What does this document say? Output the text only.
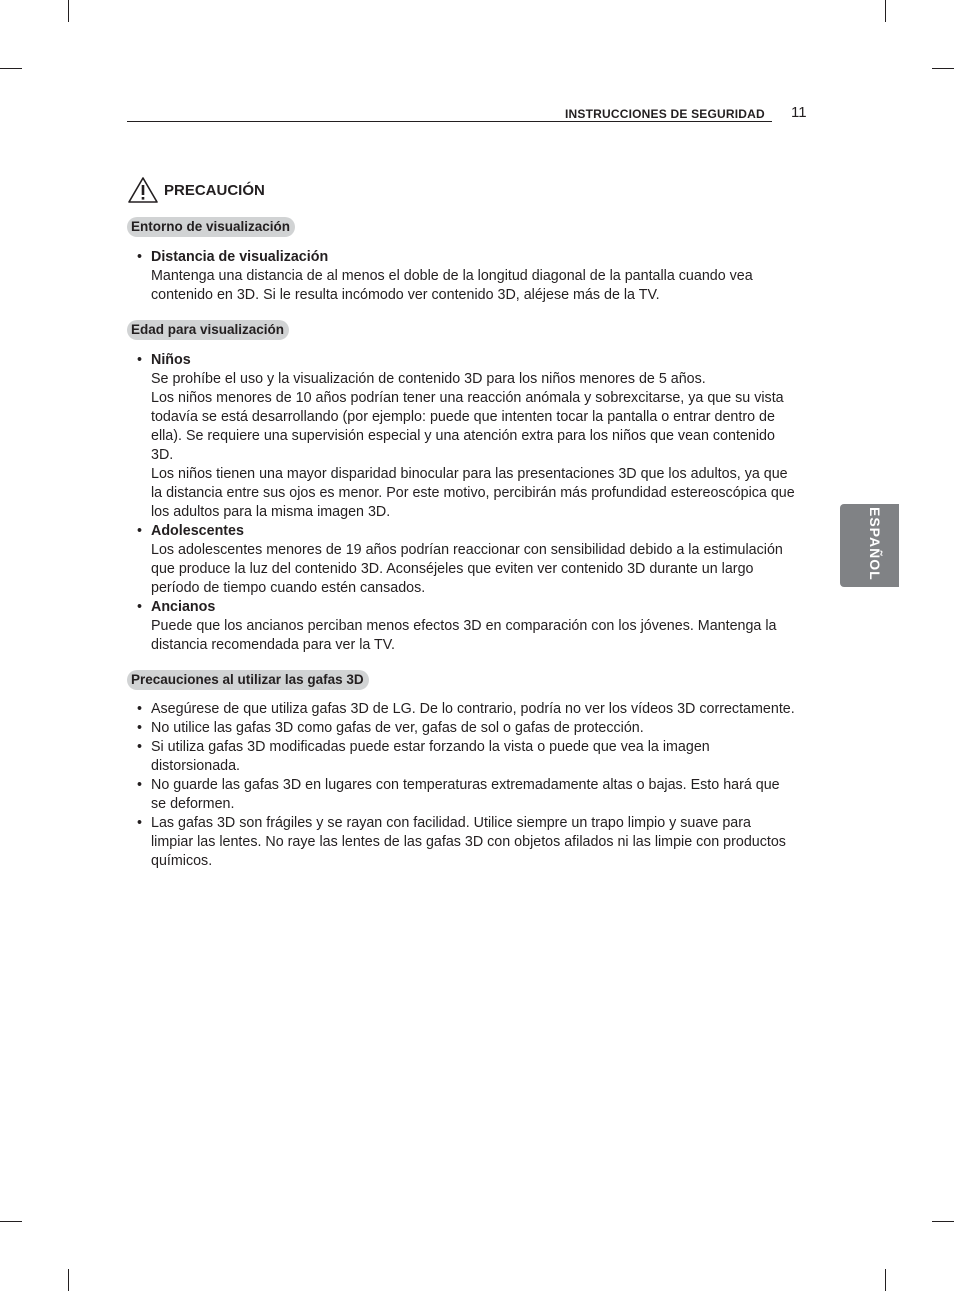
INSTRUCCIONES DE SEGURIDAD 11
ESPAÑOL
PRECAUCIÓN
Entorno de visualización
• Distancia de visualización
Mantenga una distancia de al menos el doble de la longitud diagonal de la pantalla cuando vea contenido en 3D. Si le resulta incómodo ver contenido 3D, aléjese más de la TV.
Edad para visualización
• Niños
Se prohíbe el uso y la visualización de contenido 3D para los niños menores de 5 años.
Los niños menores de 10 años podrían tener una reacción anómala y sobrexcitarse, ya que su vista todavía se está desarrollando (por ejemplo: puede que intenten tocar la pantalla o entrar dentro de ella). Se requiere una supervisión especial y una atención extra para los niños que vean contenido 3D.
Los niños tienen una mayor disparidad binocular para las presentaciones 3D que los adultos, ya que la distancia entre sus ojos es menor. Por este motivo, percibirán más profundidad estereoscópica que los adultos para la misma imagen 3D.
• Adolescentes
Los adolescentes menores de 19 años podrían reaccionar con sensibilidad debido a la estimulación que produce la luz del contenido 3D. Aconséjeles que eviten ver contenido 3D durante un largo período de tiempo cuando estén cansados.
• Ancianos
Puede que los ancianos perciban menos efectos 3D en comparación con los jóvenes. Mantenga la distancia recomendada para ver la TV.
Precauciones al utilizar las gafas 3D
• Asegúrese de que utiliza gafas 3D de LG. De lo contrario, podría no ver los vídeos 3D correctamente.
• No utilice las gafas 3D como gafas de ver, gafas de sol o gafas de protección.
• Si utiliza gafas 3D modificadas puede estar forzando la vista o puede que vea la imagen distorsionada.
• No guarde las gafas 3D en lugares con temperaturas extremadamente altas o bajas. Esto hará que se deformen.
• Las gafas 3D son frágiles y se rayan con facilidad. Utilice siempre un trapo limpio y suave para limpiar las lentes. No raye las lentes de las gafas 3D con objetos afilados ni las limpie con productos químicos.
